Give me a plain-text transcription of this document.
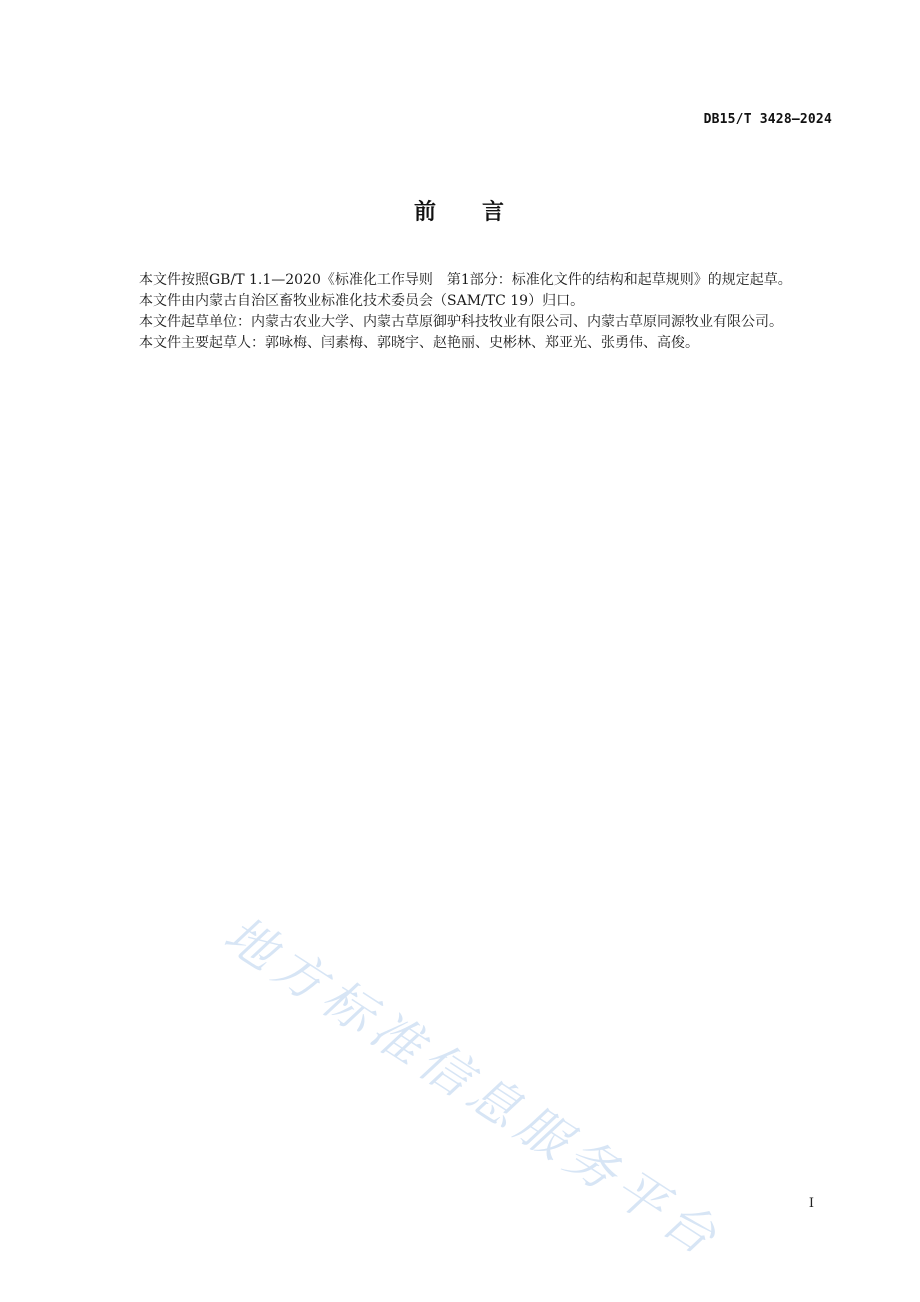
DB15/T 3428—2024
前 言

本文件按照GB/T 1.1—2020《标准化工作导则　第1部分：标准化文件的结构和起草规则》的规定起草。

本文件由内蒙古自治区畜牧业标准化技术委员会（SAM/TC 19）归口。

本文件起草单位：内蒙古农业大学、内蒙古草原御驴科技牧业有限公司、内蒙古草原同源牧业有限公司。

本文件主要起草人：郭咏梅、闫素梅、郭晓宇、赵艳丽、史彬林、郑亚光、张勇伟、高俊。

地方标准信息服务平台	I
